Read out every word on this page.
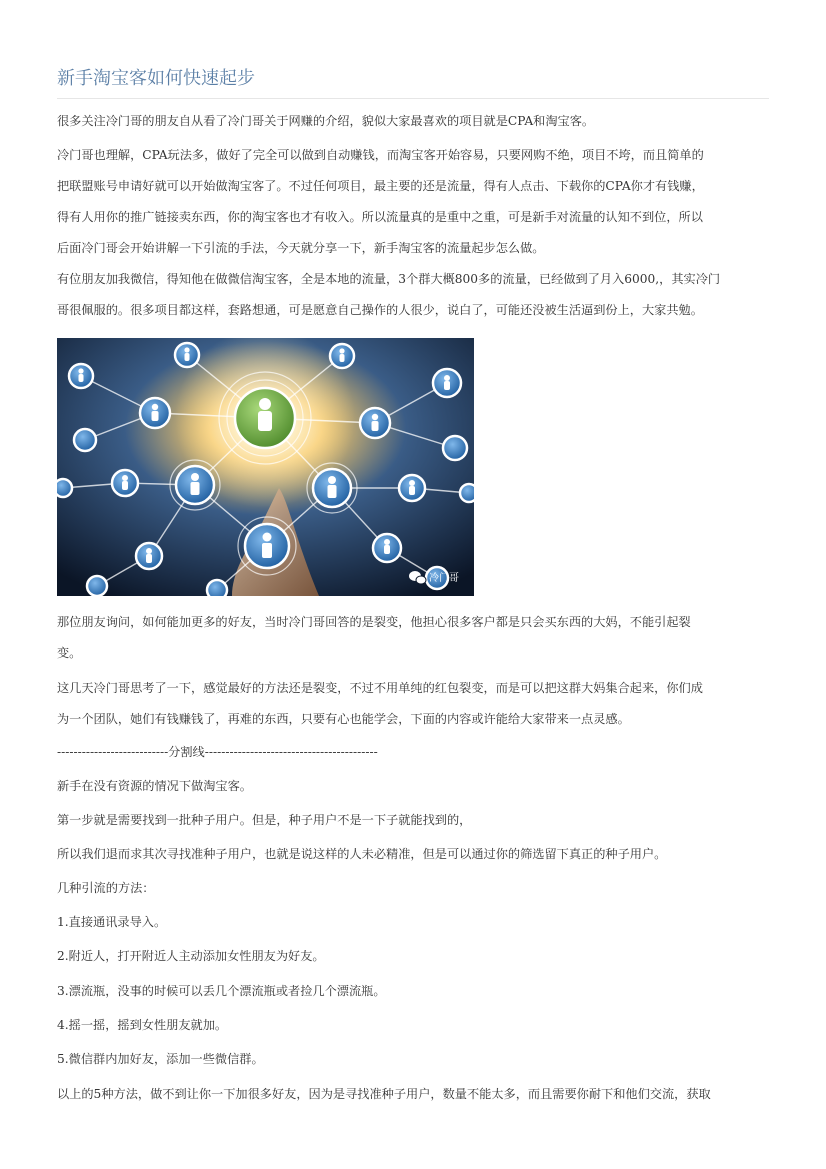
新手淘宝客如何快速起步
很多关注冷门哥的朋友自从看了冷门哥关于网赚的介绍，貌似大家最喜欢的项目就是CPA和淘宝客。
冷门哥也理解，CPA玩法多，做好了完全可以做到自动赚钱，而淘宝客开始容易，只要网购不绝，项目不垮，而且简单的
把联盟账号申请好就可以开始做淘宝客了。不过任何项目，最主要的还是流量，得有人点击、下载你的CPA你才有钱赚，
得有人用你的推广链接卖东西，你的淘宝客也才有收入。所以流量真的是重中之重，可是新手对流量的认知不到位，所以
后面冷门哥会开始讲解一下引流的手法，今天就分享一下，新手淘宝客的流量起步怎么做。
有位朋友加我微信，得知他在做微信淘宝客，全是本地的流量，3个群大概800多的流量，已经做到了月入6000,，其实冷门
哥很佩服的。很多项目都这样，套路想通，可是愿意自己操作的人很少，说白了，可能还没被生活逼到份上，大家共勉。
冷门哥
那位朋友询问，如何能加更多的好友，当时冷门哥回答的是裂变，他担心很多客户都是只会买东西的大妈，不能引起裂
变。
这几天冷门哥思考了一下，感觉最好的方法还是裂变，不过不用单纯的红包裂变，而是可以把这群大妈集合起来，你们成
为一个团队，她们有钱赚钱了，再难的东西，只要有心也能学会，下面的内容或许能给大家带来一点灵感。
---------------------------分割线------------------------------------------
新手在没有资源的情况下做淘宝客。
第一步就是需要找到一批种子用户。但是，种子用户不是一下子就能找到的，
所以我们退而求其次寻找准种子用户，也就是说这样的人未必精准，但是可以通过你的筛选留下真正的种子用户。
几种引流的方法：
1.直接通讯录导入。
2.附近人，打开附近人主动添加女性朋友为好友。
3.漂流瓶，没事的时候可以丢几个漂流瓶或者捡几个漂流瓶。
4.摇一摇，摇到女性朋友就加。
5.微信群内加好友，添加一些微信群。
以上的5种方法，做不到让你一下加很多好友，因为是寻找准种子用户，数量不能太多，而且需要你耐下和他们交流，获取
